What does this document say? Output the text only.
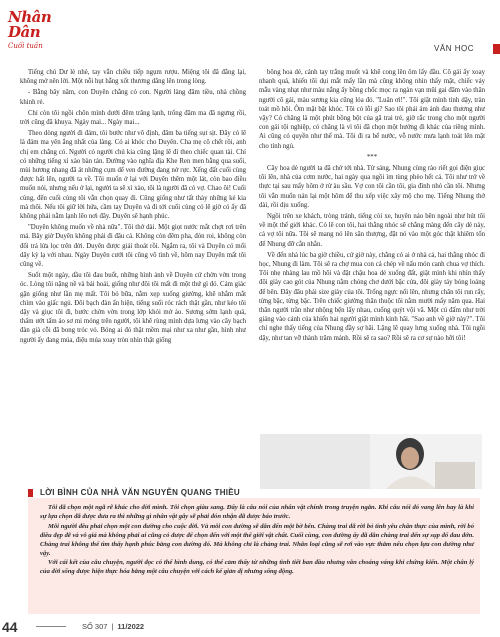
Nhân Dân
Cuối tuần	VĂN HỌC

Tiếng chú Dư lè nhè, tay vẫn chiều tiếp ngụm rượu. Miệng tôi đã đắng lại, không mở nên lời. Một nỗi hụt hẫng xốt thương dâng lên trong lòng.

- Bằng bây năm, con Duyên chẳng có con. Người làng đâm tiều, nhà chồng khinh rẻ.

Chỉ còn tôi ngồi chôn mình dưới đêm trăng lạnh, trống đâm ma đã ngưng rồi, trời cũng đã khuya. Ngày mai... Ngày mai...

Theo dòng người đi đám, tôi bước như vô định, đâm ba tiếng sụt sịt. Đây có lẽ là đám ma yên ắng nhất của làng. Có ai khóc cho Duyên. Cha mẹ cô chết rồi, anh chị em chẳng có. Người có người chú kia cũng lặng lẽ đi theo chiếc quan tài. Chỉ có những tiếng xì xào bàn tán. Đường vào nghĩa địa Khe Ren men bằng qua suối, mùi hương nhang đã át những cụm dế ven đường đang nở rực. Xếng đất cuối cùng được hất lên, người ta về. Tôi muốn ở lại với Duyên thêm một lát, còn bao điều muốn nói, nhưng nếu ở lại, người ta sẽ xì xào, tôi là người đã có vợ. Chao ôi! Cuối cùng, đến cuối cùng tôi vẫn chọn quay đi. Cũng giống như tất thảy những kẻ kia mà thôi. Nếu tôi giữ lời hứa, cầm tay Duyên và đi tới cuối cùng có lẽ giờ có ấy đã không phải nằm lạnh lẽo nơi đây. Duyên sẽ hạnh phúc.

"Duyên không muốn về nhà nữa". Tôi thở dài. Một giọt nước mắt chợt rơi trên má. Bây giờ Duyên không phải đi đâu cả. Không còn đêm pha, đón roi, không còn đối trả lửa lọc trên đời. Duyên được giải thoát rồi. Ngắm ra, tôi và Duyên có mối dây kỳ lạ với nhau. Ngày Duyên cưới tôi cũng vô tình về, hôm nay Duyên mất tôi cũng về.

Suốt một ngày, dầu tôi đau buốt, những hình ảnh về Duyên cứ chờn vờn trong óc. Lòng tôi nặng nề và bải hoải, giống như đôi tôi mất đi một thứ gì đó. Cảm giác gặn giống như lần mẹ mất. Tôi bỏ bữa, nằm xẹp xuống giường, khẽ nhắm mắt chìm vào giấc ngủ. Đôi bạch đàn ẩn hiện, tiếng suối róc rách thật gần, như kéo tôi dậy và giục tôi đi, bước chờn vờn trong lớp khói mờ ảo. Sương sớm lạnh quá, thấm ướt tấm áo sơ mi mỏng trên người, tôi khẽ rùng mình dựa lưng vào cây bạch đàn già cỗi đã bong tróc vỏ. Bóng ai đó thật mềm mại như xa như gần, hình như người ấy đang múa, điệu múa xoay tròn nhìn thật giống

bông hoa dẻ, cánh tay trắng muốt và khẽ cong lên ôm lấy đầu. Cô gái ấy xoay nhanh quá, khiến tôi dụi mắt mấy lần mà cũng không nhìn thấy mặt, chiếc váy mẫu vàng nhạt như màu nắng ấy bồng chốc mọc ra ngàn vạn mũi gai đâm vào thân người cô gái, màu sương kia cũng lóa đỏ. "Luân ơi!". Tôi giật mình tỉnh dậy, tràn toát mồ hôi. Ôm mặt bật khóc. Tôi có lỗi gì? Sao tôi phải ám ảnh đau thương như vậy? Có chăng là một phút bồng bột của gã trai trẻ, giờ rắc trong cho một người con gái tội nghiệp, có chăng là vì tôi đã chọn một hướng đi khác của riêng mình. Ai cũng có quyền như thế mà. Tôi đi ra bể nước, vỗ nước mưa lạnh toát lên mặt cho tỉnh ngủ.

***

Cây hoa dẻ người ta đã chở tới nhà. Từ sáng, Nhung cùng rào riết gọi điện giục tôi lên, nhà của cơm nước, hai ngày qua ngồi ìm tùng phèo hết cả. Tôi như trở về thực tại sau mấy hôm ở rừ àu sầu. Vợ con tôi cần tôi, gia đình nhỏ cần tôi. Nhưng tôi vẫn muốn nán lại một hôm để thu xếp việc xây mộ cho mẹ. Tiếng Nhung thở dài, rồi dịu xuống.

Ngồi trên xe khách, tròng tránh, tiếng còi xe, huyên náo bên ngoài như hút tôi về một thế giới khác. Có lẽ con tôi, hai thằng nhóc sẽ chẳng màng đến cây dẻ này, cả vợ tôi nữa. Tôi sẽ mang nó lên sân thượng, đặt nó vào một góc thật khiêm tốn để Nhung đỡ cằn nhằn.

Về đến nhà lúc ba giờ chiều, cứ giờ này, chẳng có ai ở nhà cả, hai thằng nhóc đi học, Nhung đi làm. Tôi sẽ ra chợ mua con cá chép về nấu món canh chua vợ thích. Tôi nhẹ nhàng lau mồ hôi và đặt chậu hoa dẻ xuống đất, giật mình khi nhìn thấy đôi giày cao gót của Nhung nằm chỏng chơ dưới bậc cửa, đôi giày táy bóng loáng để bên. Đây đâu phải size giày của tôi. Trống ngực nổi lên, nhưng chân tôi run rẩy, từng bậc, từng bậc. Trên chiếc giường thân thuộc tôi nằm mười mấy năm qua. Hai thân người trần như nhộng bện lấy nhau, cuống quýt vội vã. Một cú đấm như trời giáng vào cảnh của khiến hai người giật mình kinh hãi. "Sao anh về giờ này?". Tôi chỉ nghe thấy tiếng của Nhung đầy sợ hãi. Lặng lẽ quay lưng xuống nhà. Tôi ngồi dậy, như tan vỡ thành trăm mảnh. Rồi sẽ ra sao? Rồi sẽ ra cơ sự nào hỡi tôi!

LỜI BÌNH CỦA NHÀ VĂN NGUYỄN QUANG THIỀU

Tôi đã chọn một ngã rẽ khác cho đời mình. Tôi chọn giàu sang. Đấy là câu nói của nhân vật chính trong truyện ngắn. Khi câu nói đó vang lên hay là khi sự lựa chọn đã được đưa ra thì những gì nhân vật gây sẽ phải đón nhận đã được báo trước.

Mỗi người đều phải chọn một con đường cho cuộc đời. Và mỗi con đường sẽ dẫn đến một bờ bến. Chàng trai đã rời bỏ tình yêu chân thực của mình, rời bỏ điều đẹp đẽ và vô giá mà không phải ai cũng có được để chọn đến với một thế giới vật chất. Cuối cùng, con đường ấy đã dẫn chàng trai đến sự sụp đổ đau đớn. Chàng trai không thể tìm thấy hạnh phúc bằng con đường đó. Mà không chỉ là chàng trai. Nhân loại cũng sẽ rơi vào vực thẳm nếu chọn lựa con đường như vậy.

Với cái kết của câu chuyện, người đọc có thể hình dung, có thể cảm thấy từ những tình tiết ban đầu nhưng vẫn choáng váng khi chứng kiến. Một chân lý của đời sống được hiện thực hóa bằng một câu chuyện với cách kể giản dị nhưng sống động.

44	SỐ 307 | 11/2022
